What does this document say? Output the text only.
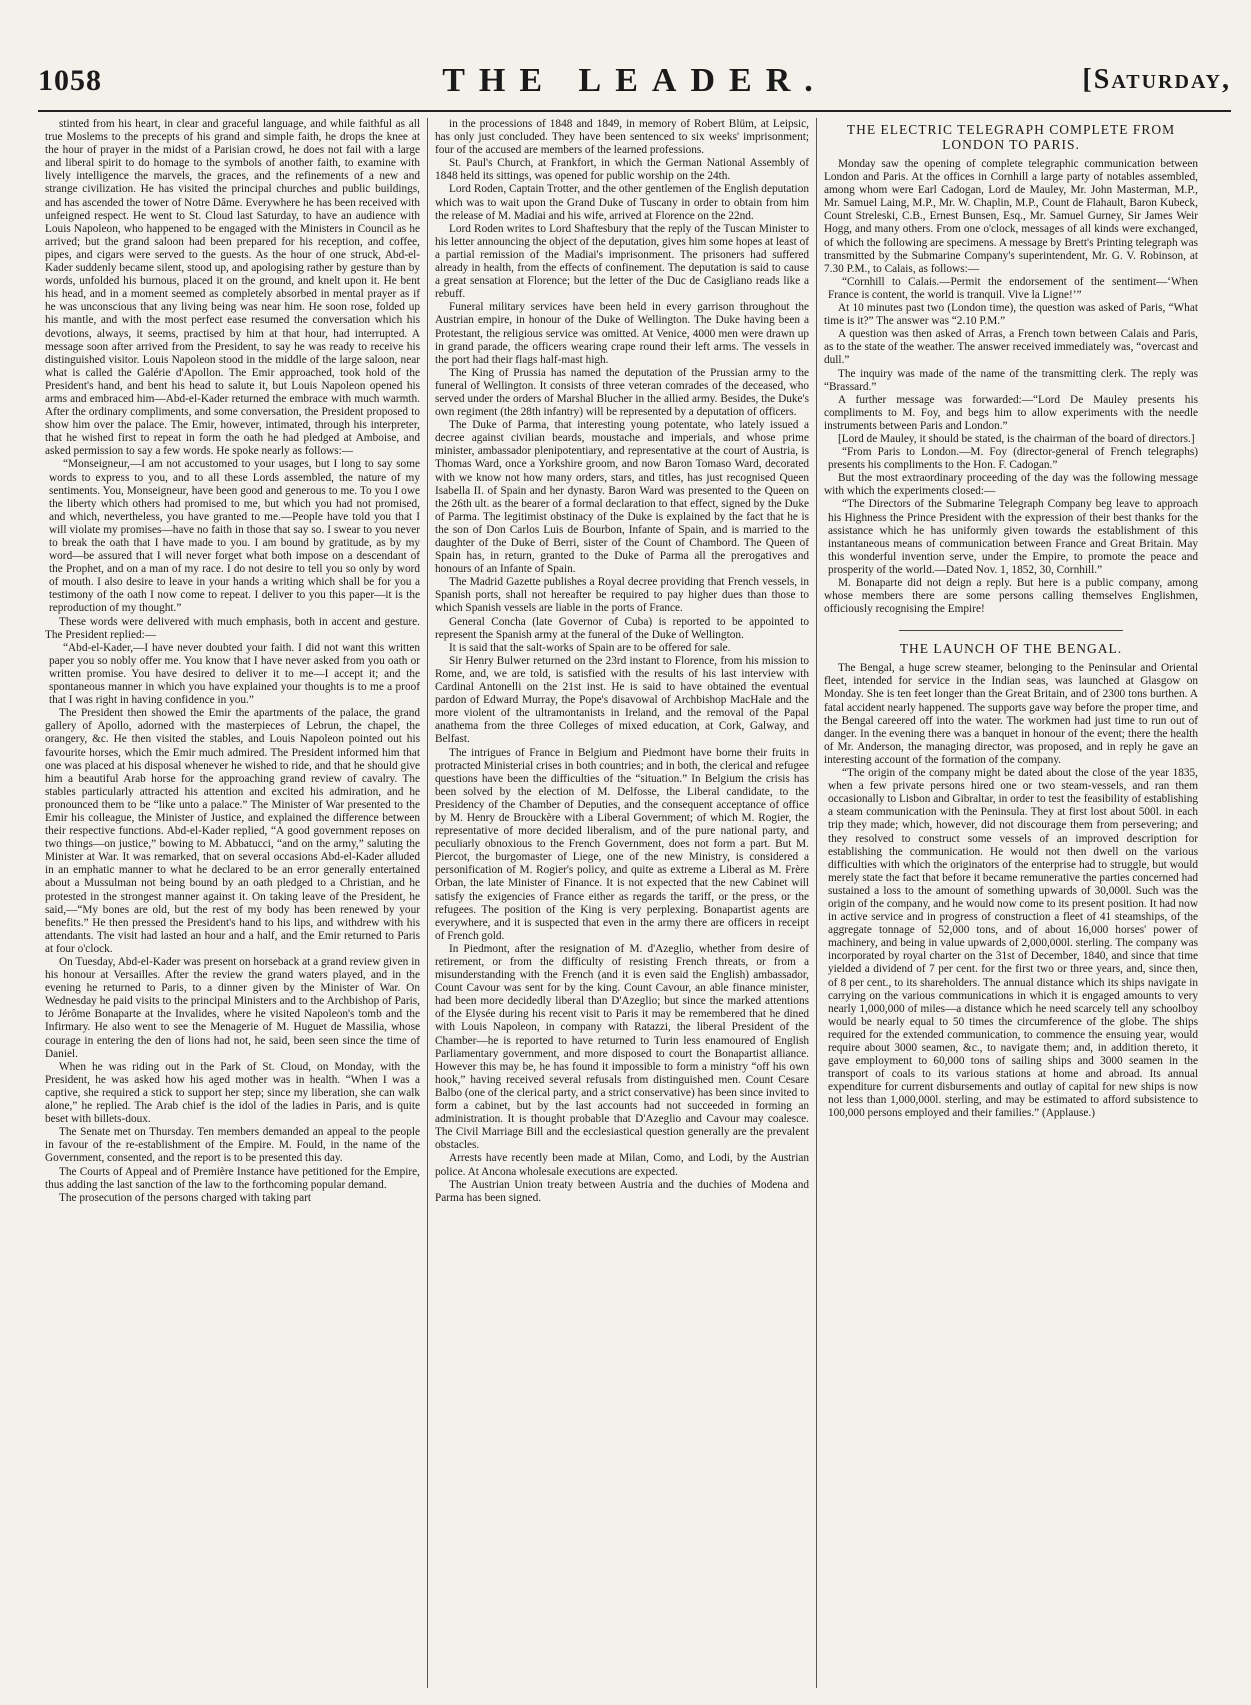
1058	THE LEADER.	[Saturday,

stinted from his heart, in clear and graceful language, and while faithful as all true Moslems to the precepts of his grand and simple faith, he drops the knee at the hour of prayer in the midst of a Parisian crowd, he does not fail with a large and liberal spirit to do homage to the symbols of another faith, to examine with lively intelligence the marvels, the graces, and the refinements of a new and strange civilization. He has visited the principal churches and public buildings, and has ascended the tower of Notre Dâme. Everywhere he has been received with unfeigned respect. He went to St. Cloud last Saturday, to have an audience with Louis Napoleon, who happened to be engaged with the Ministers in Council as he arrived; but the grand saloon had been prepared for his reception, and coffee, pipes, and cigars were served to the guests. As the hour of one struck, Abd-el-Kader suddenly became silent, stood up, and apologising rather by gesture than by words, unfolded his burnous, placed it on the ground, and knelt upon it. He bent his head, and in a moment seemed as completely absorbed in mental prayer as if he was unconscious that any living being was near him. He soon rose, folded up his mantle, and with the most perfect ease resumed the conversation which his devotions, always, it seems, practised by him at that hour, had interrupted. A message soon after arrived from the President, to say he was ready to receive his distinguished visitor. Louis Napoleon stood in the middle of the large saloon, near what is called the Galérie d'Apollon. The Emir approached, took hold of the President's hand, and bent his head to salute it, but Louis Napoleon opened his arms and embraced him—Abd-el-Kader returned the embrace with much warmth. After the ordinary compliments, and some conversation, the President proposed to show him over the palace. The Emir, however, intimated, through his interpreter, that he wished first to repeat in form the oath he had pledged at Amboise, and asked permission to say a few words. He spoke nearly as follows:—

“Monseigneur,—I am not accustomed to your usages, but I long to say some words to express to you, and to all these Lords assembled, the nature of my sentiments. You, Monseigneur, have been good and generous to me. To you I owe the liberty which others had promised to me, but which you had not promised, and which, nevertheless, you have granted to me.—People have told you that I will violate my promises—have no faith in those that say so. I swear to you never to break the oath that I have made to you. I am bound by gratitude, as by my word—be assured that I will never forget what both impose on a descendant of the Prophet, and on a man of my race. I do not desire to tell you so only by word of mouth. I also desire to leave in your hands a writing which shall be for you a testimony of the oath I now come to repeat. I deliver to you this paper—it is the reproduction of my thought.”

These words were delivered with much emphasis, both in accent and gesture. The President replied:—

“Abd-el-Kader,—I have never doubted your faith. I did not want this written paper you so nobly offer me. You know that I have never asked from you oath or written promise. You have desired to deliver it to me—I accept it; and the spontaneous manner in which you have explained your thoughts is to me a proof that I was right in having confidence in you.”

The President then showed the Emir the apartments of the palace, the grand gallery of Apollo, adorned with the masterpieces of Lebrun, the chapel, the orangery, &c. He then visited the stables, and Louis Napoleon pointed out his favourite horses, which the Emir much admired. The President informed him that one was placed at his disposal whenever he wished to ride, and that he should give him a beautiful Arab horse for the approaching grand review of cavalry. The stables particularly attracted his attention and excited his admiration, and he pronounced them to be “like unto a palace.” The Minister of War presented to the Emir his colleague, the Minister of Justice, and explained the difference between their respective functions. Abd-el-Kader replied, “A good government reposes on two things—on justice,” bowing to M. Abbatucci, “and on the army,” saluting the Minister at War. It was remarked, that on several occasions Abd-el-Kader alluded in an emphatic manner to what he declared to be an error generally entertained about a Mussulman not being bound by an oath pledged to a Christian, and he protested in the strongest manner against it. On taking leave of the President, he said,—“My bones are old, but the rest of my body has been renewed by your benefits.” He then pressed the President's hand to his lips, and withdrew with his attendants. The visit had lasted an hour and a half, and the Emir returned to Paris at four o'clock.

On Tuesday, Abd-el-Kader was present on horseback at a grand review given in his honour at Versailles. After the review the grand waters played, and in the evening he returned to Paris, to a dinner given by the Minister of War. On Wednesday he paid visits to the principal Ministers and to the Archbishop of Paris, to Jérôme Bonaparte at the Invalides, where he visited Napoleon's tomb and the Infirmary. He also went to see the Menagerie of M. Huguet de Massilia, whose courage in entering the den of lions had not, he said, been seen since the time of Daniel.

When he was riding out in the Park of St. Cloud, on Monday, with the President, he was asked how his aged mother was in health. “When I was a captive, she required a stick to support her step; since my liberation, she can walk alone,” he replied. The Arab chief is the idol of the ladies in Paris, and is quite beset with billets-doux.

The Senate met on Thursday. Ten members demanded an appeal to the people in favour of the re-establishment of the Empire. M. Fould, in the name of the Government, consented, and the report is to be presented this day.

The Courts of Appeal and of Première Instance have petitioned for the Empire, thus adding the last sanction of the law to the forthcoming popular demand.

The prosecution of the persons charged with taking part

in the processions of 1848 and 1849, in memory of Robert Blüm, at Leipsic, has only just concluded. They have been sentenced to six weeks' imprisonment; four of the accused are members of the learned professions.

St. Paul's Church, at Frankfort, in which the German National Assembly of 1848 held its sittings, was opened for public worship on the 24th.

Lord Roden, Captain Trotter, and the other gentlemen of the English deputation which was to wait upon the Grand Duke of Tuscany in order to obtain from him the release of M. Madiai and his wife, arrived at Florence on the 22nd.

Lord Roden writes to Lord Shaftesbury that the reply of the Tuscan Minister to his letter announcing the object of the deputation, gives him some hopes at least of a partial remission of the Madiai's imprisonment. The prisoners had suffered already in health, from the effects of confinement. The deputation is said to cause a great sensation at Florence; but the letter of the Duc de Casigliano reads like a rebuff.

Funeral military services have been held in every garrison throughout the Austrian empire, in honour of the Duke of Wellington. The Duke having been a Protestant, the religious service was omitted. At Venice, 4000 men were drawn up in grand parade, the officers wearing crape round their left arms. The vessels in the port had their flags half-mast high.

The King of Prussia has named the deputation of the Prussian army to the funeral of Wellington. It consists of three veteran comrades of the deceased, who served under the orders of Marshal Blucher in the allied army. Besides, the Duke's own regiment (the 28th infantry) will be represented by a deputation of officers.

The Duke of Parma, that interesting young potentate, who lately issued a decree against civilian beards, moustache and imperials, and whose prime minister, ambassador plenipotentiary, and representative at the court of Austria, is Thomas Ward, once a Yorkshire groom, and now Baron Tomaso Ward, decorated with we know not how many orders, stars, and titles, has just recognised Queen Isabella II. of Spain and her dynasty. Baron Ward was presented to the Queen on the 26th ult. as the bearer of a formal declaration to that effect, signed by the Duke of Parma. The legitimist obstinacy of the Duke is explained by the fact that he is the son of Don Carlos Luis de Bourbon, Infante of Spain, and is married to the daughter of the Duke of Berri, sister of the Count of Chambord. The Queen of Spain has, in return, granted to the Duke of Parma all the prerogatives and honours of an Infante of Spain.

The Madrid Gazette publishes a Royal decree providing that French vessels, in Spanish ports, shall not hereafter be required to pay higher dues than those to which Spanish vessels are liable in the ports of France.

General Concha (late Governor of Cuba) is reported to be appointed to represent the Spanish army at the funeral of the Duke of Wellington.

It is said that the salt-works of Spain are to be offered for sale.

Sir Henry Bulwer returned on the 23rd instant to Florence, from his mission to Rome, and, we are told, is satisfied with the results of his last interview with Cardinal Antonelli on the 21st inst. He is said to have obtained the eventual pardon of Edward Murray, the Pope's disavowal of Archbishop MacHale and the more violent of the ultramontanists in Ireland, and the removal of the Papal anathema from the three Colleges of mixed education, at Cork, Galway, and Belfast.

The intrigues of France in Belgium and Piedmont have borne their fruits in protracted Ministerial crises in both countries; and in both, the clerical and refugee questions have been the difficulties of the “situation.” In Belgium the crisis has been solved by the election of M. Delfosse, the Liberal candidate, to the Presidency of the Chamber of Deputies, and the consequent acceptance of office by M. Henry de Brouckère with a Liberal Government; of which M. Rogier, the representative of more decided liberalism, and of the pure national party, and peculiarly obnoxious to the French Government, does not form a part. But M. Piercot, the burgomaster of Liege, one of the new Ministry, is considered a personification of M. Rogier's policy, and quite as extreme a Liberal as M. Frère Orban, the late Minister of Finance. It is not expected that the new Cabinet will satisfy the exigencies of France either as regards the tariff, or the press, or the refugees. The position of the King is very perplexing. Bonapartist agents are everywhere, and it is suspected that even in the army there are officers in receipt of French gold.

In Piedmont, after the resignation of M. d'Azeglio, whether from desire of retirement, or from the difficulty of resisting French threats, or from a misunderstanding with the French (and it is even said the English) ambassador, Count Cavour was sent for by the king. Count Cavour, an able finance minister, had been more decidedly liberal than D'Azeglio; but since the marked attentions of the Elysée during his recent visit to Paris it may be remembered that he dined with Louis Napoleon, in company with Ratazzi, the liberal President of the Chamber—he is reported to have returned to Turin less enamoured of English Parliamentary government, and more disposed to court the Bonapartist alliance. However this may be, he has found it impossible to form a ministry “off his own hook,” having received several refusals from distinguished men. Count Cesare Balbo (one of the clerical party, and a strict conservative) has been since invited to form a cabinet, but by the last accounts had not succeeded in forming an administration. It is thought probable that D'Azeglio and Cavour may coalesce. The Civil Marriage Bill and the ecclesiastical question generally are the prevalent obstacles.

Arrests have recently been made at Milan, Como, and Lodi, by the Austrian police. At Ancona wholesale executions are expected.

The Austrian Union treaty between Austria and the duchies of Modena and Parma has been signed.

THE ELECTRIC TELEGRAPH COMPLETE FROM LONDON TO PARIS.

Monday saw the opening of complete telegraphic communication between London and Paris. At the offices in Cornhill a large party of notables assembled, among whom were Earl Cadogan, Lord de Mauley, Mr. John Masterman, M.P., Mr. Samuel Laing, M.P., Mr. W. Chaplin, M.P., Count de Flahault, Baron Kubeck, Count Streleski, C.B., Ernest Bunsen, Esq., Mr. Samuel Gurney, Sir James Weir Hogg, and many others. From one o'clock, messages of all kinds were exchanged, of which the following are specimens. A message by Brett's Printing telegraph was transmitted by the Submarine Company's superintendent, Mr. G. V. Robinson, at 7.30 P.M., to Calais, as follows:—

“Cornhill to Calais.—Permit the endorsement of the sentiment—‘When France is content, the world is tranquil. Vive la Ligne!’”

At 10 minutes past two (London time), the question was asked of Paris, “What time is it?” The answer was “2.10 P.M.”

A question was then asked of Arras, a French town between Calais and Paris, as to the state of the weather. The answer received immediately was, “overcast and dull.”

The inquiry was made of the name of the transmitting clerk. The reply was “Brassard.”

A further message was forwarded:—“Lord De Mauley presents his compliments to M. Foy, and begs him to allow experiments with the needle instruments between Paris and London.”

[Lord de Mauley, it should be stated, is the chairman of the board of directors.]

“From Paris to London.—M. Foy (director-general of French telegraphs) presents his compliments to the Hon. F. Cadogan.”

But the most extraordinary proceeding of the day was the following message with which the experiments closed:—

“The Directors of the Submarine Telegraph Company beg leave to approach his Highness the Prince President with the expression of their best thanks for the assistance which he has uniformly given towards the establishment of this instantaneous means of communication between France and Great Britain. May this wonderful invention serve, under the Empire, to promote the peace and prosperity of the world.—Dated Nov. 1, 1852, 30, Cornhill.”

M. Bonaparte did not deign a reply. But here is a public company, among whose members there are some persons calling themselves Englishmen, officiously recognising the Empire!

THE LAUNCH OF THE BENGAL.

The Bengal, a huge screw steamer, belonging to the Peninsular and Oriental fleet, intended for service in the Indian seas, was launched at Glasgow on Monday. She is ten feet longer than the Great Britain, and of 2300 tons burthen. A fatal accident nearly happened. The supports gave way before the proper time, and the Bengal careered off into the water. The workmen had just time to run out of danger. In the evening there was a banquet in honour of the event; there the health of Mr. Anderson, the managing director, was proposed, and in reply he gave an interesting account of the formation of the company.

“The origin of the company might be dated about the close of the year 1835, when a few private persons hired one or two steam-vessels, and ran them occasionally to Lisbon and Gibraltar, in order to test the feasibility of establishing a steam communication with the Peninsula. They at first lost about 500l. in each trip they made; which, however, did not discourage them from persevering; and they resolved to construct some vessels of an improved description for establishing the communication. He would not then dwell on the various difficulties with which the originators of the enterprise had to struggle, but would merely state the fact that before it became remunerative the parties concerned had sustained a loss to the amount of something upwards of 30,000l. Such was the origin of the company, and he would now come to its present position. It had now in active service and in progress of construction a fleet of 41 steamships, of the aggregate tonnage of 52,000 tons, and of about 16,000 horses' power of machinery, and being in value upwards of 2,000,000l. sterling. The company was incorporated by royal charter on the 31st of December, 1840, and since that time yielded a dividend of 7 per cent. for the first two or three years, and, since then, of 8 per cent., to its shareholders. The annual distance which its ships navigate in carrying on the various communications in which it is engaged amounts to very nearly 1,000,000 of miles—a distance which he need scarcely tell any schoolboy would be nearly equal to 50 times the circumference of the globe. The ships required for the extended communication, to commence the ensuing year, would require about 3000 seamen, &c., to navigate them; and, in addition thereto, it gave employment to 60,000 tons of sailing ships and 3000 seamen in the transport of coals to its various stations at home and abroad. Its annual expenditure for current disbursements and outlay of capital for new ships is now not less than 1,000,000l. sterling, and may be estimated to afford subsistence to 100,000 persons employed and their families.” (Applause.)
